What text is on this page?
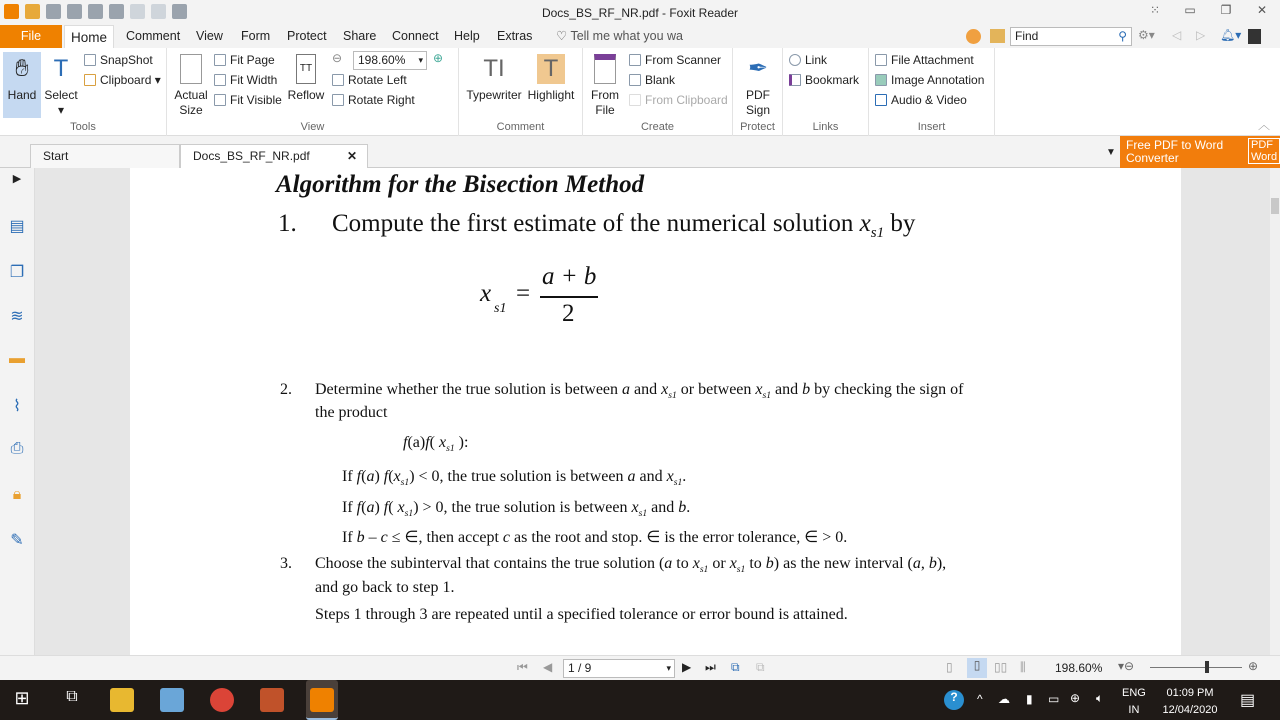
Docs_BS_RF_NR.pdf - Foxit Reader	⁙	▭	❐	✕
File	Home	Comment	View	Form	Protect	Share	Connect	Help	Extras	♡ Tell me what you wa	Find	⚲ ⚙▾ ◁ ▷ 🔔︎▾
✋︎
Hand
T
Select
▾
SnapShot
Clipboard ▾
Tools
Actual
Size
Fit Page
Fit Width
Fit Visible
TT
Reflow
⊖	198.60% ▾ ⊕
Rotate Left
Rotate Right
View
TI
Typewriter
T
Highlight
Comment
From
File
From Scanner
Blank
From Clipboard
Create
✒︎
PDF
Sign
Protect
Link
Bookmark
Links
File Attachment
Image Annotation
Audio & Video
Insert	︿
Start	Docs_BS_RF_NR.pdf	✕	▼
Free PDF to Word
Converter
PDF
Word
▶
▤
❐
≋
▬
⌇
⎙
🔒︎
✎
Algorithm for the Bisection Method
1. Compute the first estimate of the numerical solution $x_{s1}$ by
x
s1
=
a + b
2
2. Determine whether the true solution is between a and $x_{s1}$ or between $x_{s1}$ and b by checking the sign of
the product
f(a)f( $x_{s1}$ ):
If f(a) $f(x_{s1}) < 0$, the true solution is between a and $x_{s1}$.
If f(a) f( $x_{s1}) > 0$, the true solution is between $x_{s1}$ and b.
If b – c ≤ ∈, then accept c as the root and stop. ∈ is the error tolerance, ∈ > 0.
3. Choose the subinterval that contains the true solution (a to $x_{s1}$ or $x_{s1}$ to b) as the new interval (a, b),
and go back to step 1.
Steps 1 through 3 are repeated until a specified tolerance or error bound is attained.
⏮ ◀	1 / 9	▾ ▶ ⏭ ⧉ ⧉	▯	▯	▯▯ ⫼ 198.60% ▾⊖	⊕
⊞	⧉	?	^ ☁ ▮ ▭ ⊕ 🔈︎ ENG
IN
01:09 PM
12/04/2020
▤
